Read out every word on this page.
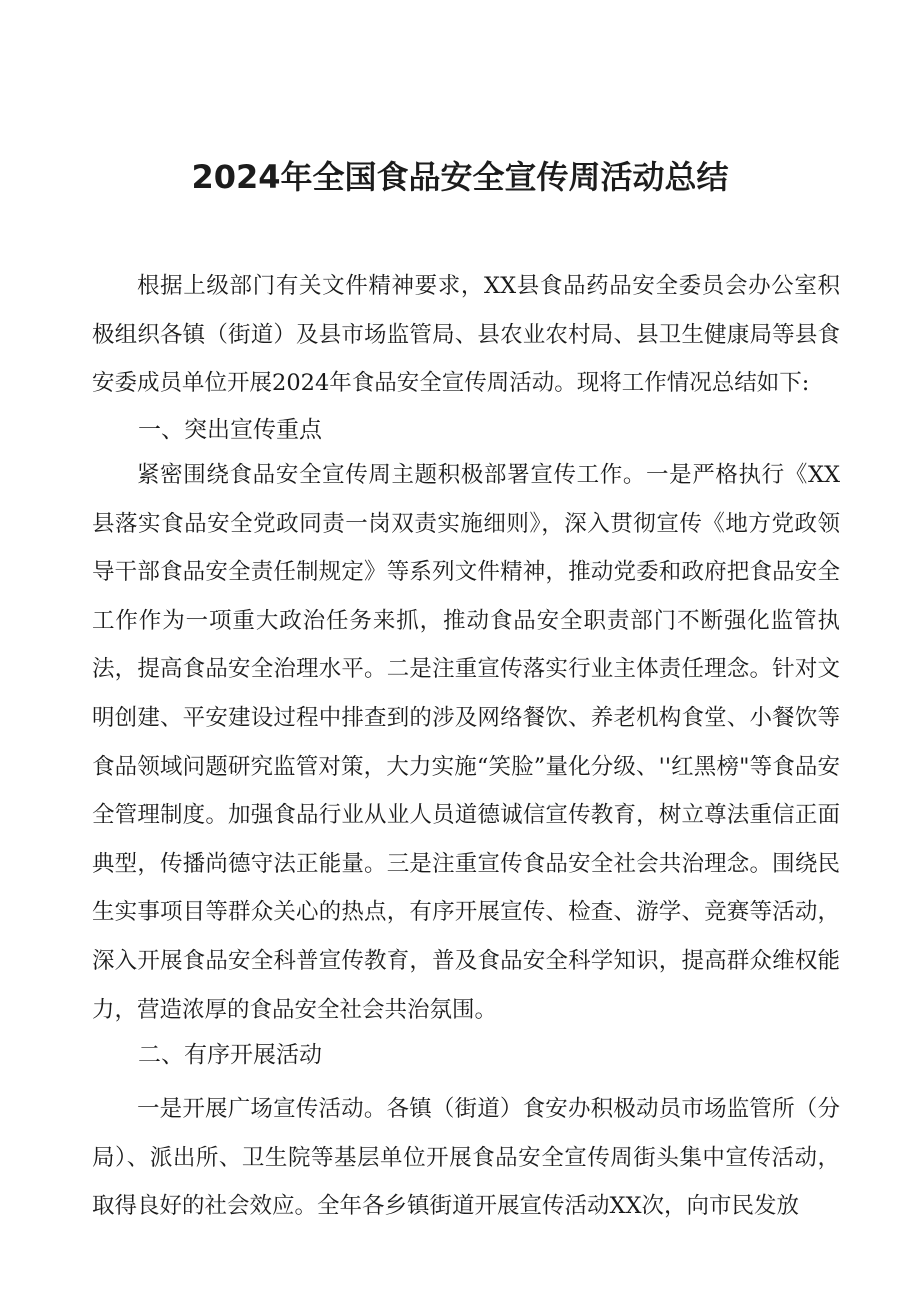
2024年全国食品安全宣传周活动总结

根据上级部门有关文件精神要求，XX县食品药品安全委员会办公室积极组织各镇（街道）及县市场监管局、县农业农村局、县卫生健康局等县食安委成员单位开展2024年食品安全宣传周活动。现将工作情况总结如下:

一、突出宣传重点

紧密围绕食品安全宣传周主题积极部署宣传工作。一是严格执行《XX县落实食品安全党政同责一岗双责实施细则》，深入贯彻宣传《地方党政领导干部食品安全责任制规定》等系列文件精神，推动党委和政府把食品安全工作作为一项重大政治任务来抓，推动食品安全职责部门不断强化监管执法，提高食品安全治理水平。二是注重宣传落实行业主体责任理念。针对文明创建、平安建设过程中排查到的涉及网络餐饮、养老机构食堂、小餐饮等食品领域问题研究监管对策，大力实施“笑脸”量化分级、''红黑榜"等食品安全管理制度。加强食品行业从业人员道德诚信宣传教育，树立尊法重信正面典型，传播尚德守法正能量。三是注重宣传食品安全社会共治理念。围绕民生实事项目等群众关心的热点，有序开展宣传、检查、游学、竞赛等活动，深入开展食品安全科普宣传教育，普及食品安全科学知识，提高群众维权能力，营造浓厚的食品安全社会共治氛围。

二、有序开展活动

一是开展广场宣传活动。各镇（街道）食安办积极动员市场监管所（分局）、派出所、卫生院等基层单位开展食品安全宣传周街头集中宣传活动，取得良好的社会效应。全年各乡镇街道开展宣传活动XX次，向市民发放
